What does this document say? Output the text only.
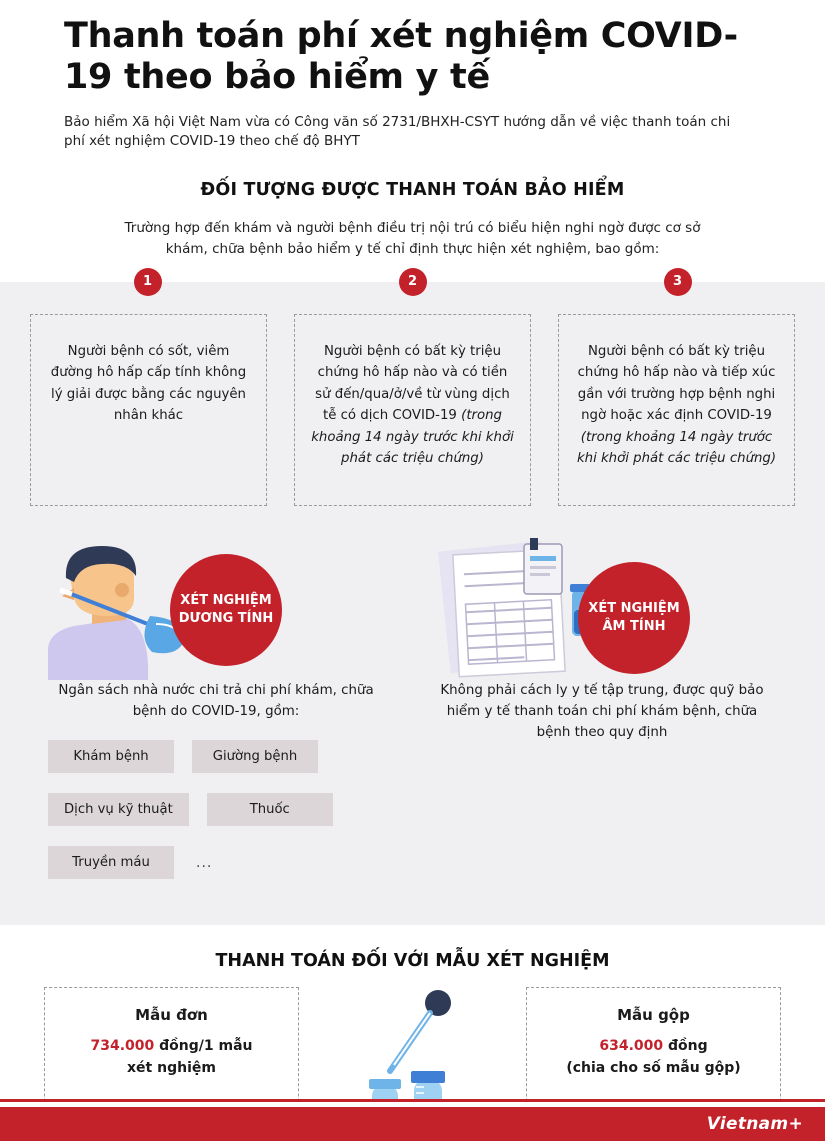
Thanh toán phí xét nghiệm COVID-19 theo bảo hiểm y tế

Bảo hiểm Xã hội Việt Nam vừa có Công văn số 2731/BHXH-CSYT hướng dẫn về việc thanh toán chi phí xét nghiệm COVID-19 theo chế độ BHYT

ĐỐI TƯỢNG ĐƯỢC THANH TOÁN BẢO HIỂM
Trường hợp đến khám và người bệnh điều trị nội trú có biểu hiện nghi ngờ được cơ sở khám, chữa bệnh bảo hiểm y tế chỉ định thực hiện xét nghiệm, bao gồm:
1	2	3
Người bệnh có sốt, viêm đường hô hấp cấp tính không lý giải được bằng các nguyên nhân khác
Người bệnh có bất kỳ triệu chứng hô hấp nào và có tiền sử đến/qua/ở/về từ vùng dịch tễ có dịch COVID-19 (trong khoảng 14 ngày trước khi khởi phát các triệu chứng)
Người bệnh có bất kỳ triệu chứng hô hấp nào và tiếp xúc gần với trường hợp bệnh nghi ngờ hoặc xác định COVID-19 (trong khoảng 14 ngày trước khi khởi phát các triệu chứng)
XÉT NGHIỆM
DƯƠNG TÍNH
Ngân sách nhà nước chi trả chi phí khám, chữa bệnh do COVID-19, gồm:
Khám bệnh	Giường bệnh
Dịch vụ kỹ thuật	Thuốc
Truyền máu	...
XÉT NGHIỆM
ÂM TÍNH
Không phải cách ly y tế tập trung, được quỹ bảo hiểm y tế thanh toán chi phí khám bệnh, chữa bệnh theo quy định
THANH TOÁN ĐỐI VỚI MẪU XÉT NGHIỆM
Mẫu đơn
734.000 đồng/1 mẫu
xét nghiệm
Mẫu gộp
634.000 đồng
(chia cho số mẫu gộp)
Vietnam+
